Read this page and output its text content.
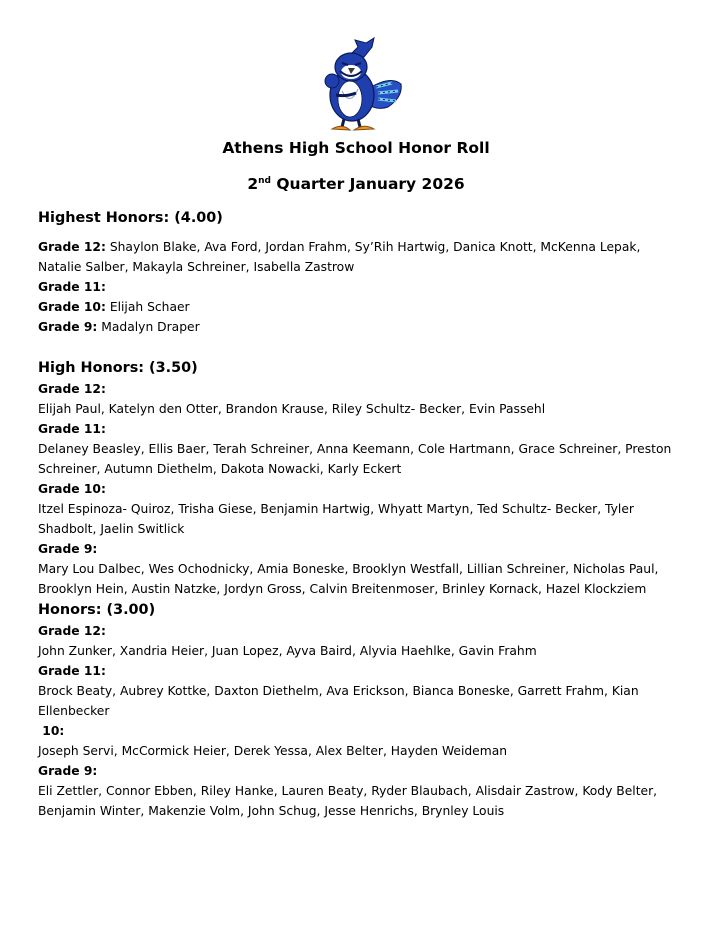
Athens High School Honor Roll
2nd Quarter January 2026
Highest Honors: (4.00)

Grade 12: Shaylon Blake, Ava Ford, Jordan Frahm, Sy’Rih Hartwig, Danica Knott, McKenna Lepak, Natalie Salber, Makayla Schreiner, Isabella Zastrow

Grade 11:

Grade 10: Elijah Schaer

Grade 9: Madalyn Draper

High Honors: (3.50)

Grade 12:

Elijah Paul, Katelyn den Otter, Brandon Krause, Riley Schultz- Becker, Evin Passehl

Grade 11:

Delaney Beasley, Ellis Baer, Terah Schreiner, Anna Keemann, Cole Hartmann, Grace Schreiner, Preston Schreiner, Autumn Diethelm, Dakota Nowacki, Karly Eckert

Grade 10:

Itzel Espinoza- Quiroz, Trisha Giese, Benjamin Hartwig, Whyatt Martyn, Ted Schultz- Becker, Tyler Shadbolt, Jaelin Switlick

Grade 9:

Mary Lou Dalbec, Wes Ochodnicky, Amia Boneske, Brooklyn Westfall, Lillian Schreiner, Nicholas Paul, Brooklyn Hein, Austin Natzke, Jordyn Gross, Calvin Breitenmoser, Brinley Kornack, Hazel Klockziem

Honors: (3.00)

Grade 12:

John Zunker, Xandria Heier, Juan Lopez, Ayva Baird, Alyvia Haehlke, Gavin Frahm

Grade 11:

Brock Beaty, Aubrey Kottke, Daxton Diethelm, Ava Erickson, Bianca Boneske, Garrett Frahm, Kian Ellenbecker

10:

Joseph Servi, McCormick Heier, Derek Yessa, Alex Belter, Hayden Weideman

Grade 9:

Eli Zettler, Connor Ebben, Riley Hanke, Lauren Beaty, Ryder Blaubach, Alisdair Zastrow, Kody Belter, Benjamin Winter, Makenzie Volm, John Schug, Jesse Henrichs, Brynley Louis
